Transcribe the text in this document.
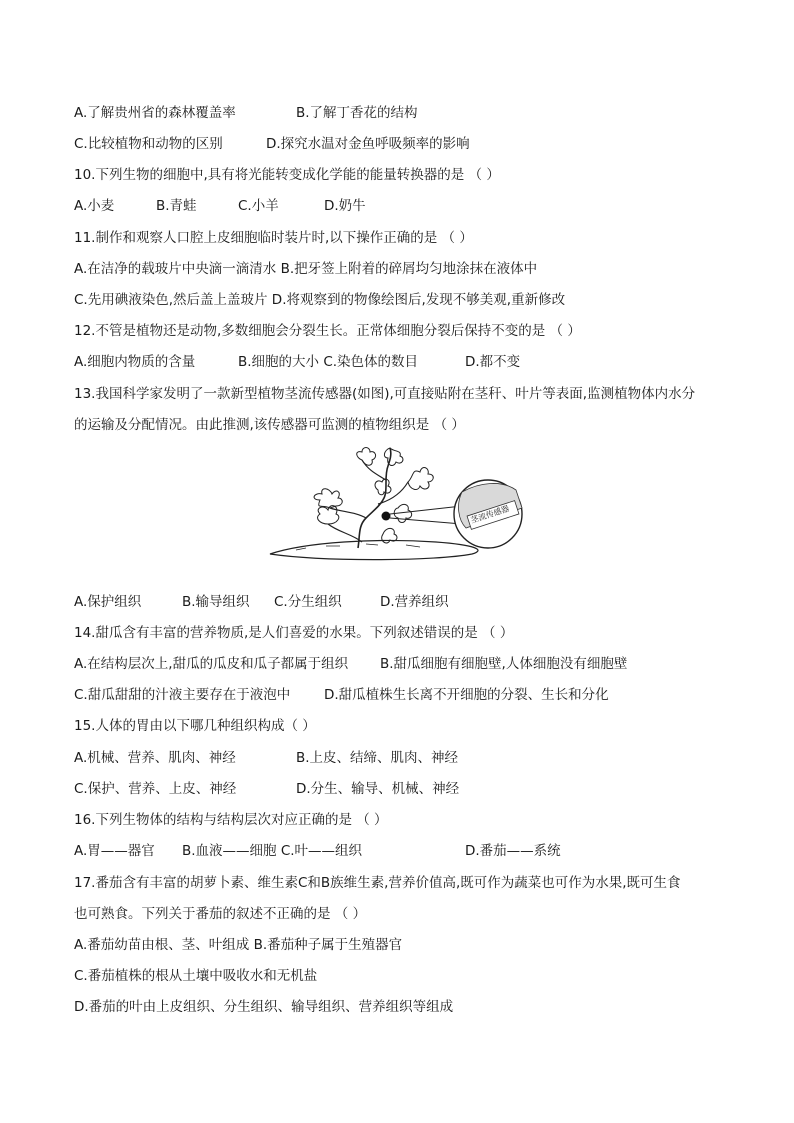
A.了解贵州省的森林覆盖率	B.了解丁香花的结构
C.比较植物和动物的区别	D.探究水温对金鱼呼吸频率的影响
10.下列生物的细胞中,具有将光能转变成化学能的能量转换器的是 （ ）
A.小麦	B.青蛙	C.小羊	D.奶牛
11.制作和观察人口腔上皮细胞临时装片时,以下操作正确的是 （ ）
A.在洁净的载玻片中央滴一滴清水 B.把牙签上附着的碎屑均匀地涂抹在液体中
C.先用碘液染色,然后盖上盖玻片 D.将观察到的物像绘图后,发现不够美观,重新修改
12.不管是植物还是动物,多数细胞会分裂生长。正常体细胞分裂后保持不变的是 （ ）
A.细胞内物质的含量	B.细胞的大小 C.染色体的数目	D.都不变
13.我国科学家发明了一款新型植物茎流传感器(如图),可直接贴附在茎秆、叶片等表面,监测植物体内水分
的运输及分配情况。由此推测,该传感器可监测的植物组织是 （ ）
茎流传感器
A.保护组织	B.输导组织 C.分生组织	D.营养组织
14.甜瓜含有丰富的营养物质,是人们喜爱的水果。下列叙述错误的是 （ ）
A.在结构层次上,甜瓜的瓜皮和瓜子都属于组织 B.甜瓜细胞有细胞壁,人体细胞没有细胞壁
C.甜瓜甜甜的汁液主要存在于液泡中	D.甜瓜植株生长离不开细胞的分裂、生长和分化
15.人体的胃由以下哪几种组织构成（ ）
A.机械、营养、肌肉、神经	B.上皮、结缔、肌肉、神经
C.保护、营养、上皮、神经	D.分生、输导、机械、神经
16.下列生物体的结构与结构层次对应正确的是 （ ）
A.胃——器官 B.血液——细胞 C.叶——组织	D.番茄——系统
17.番茄含有丰富的胡萝卜素、维生素C和B族维生素,营养价值高,既可作为蔬菜也可作为水果,既可生食
也可熟食。下列关于番茄的叙述不正确的是 （ ）
A.番茄幼苗由根、茎、叶组成 B.番茄种子属于生殖器官
C.番茄植株的根从土壤中吸收水和无机盐
D.番茄的叶由上皮组织、分生组织、输导组织、营养组织等组成
